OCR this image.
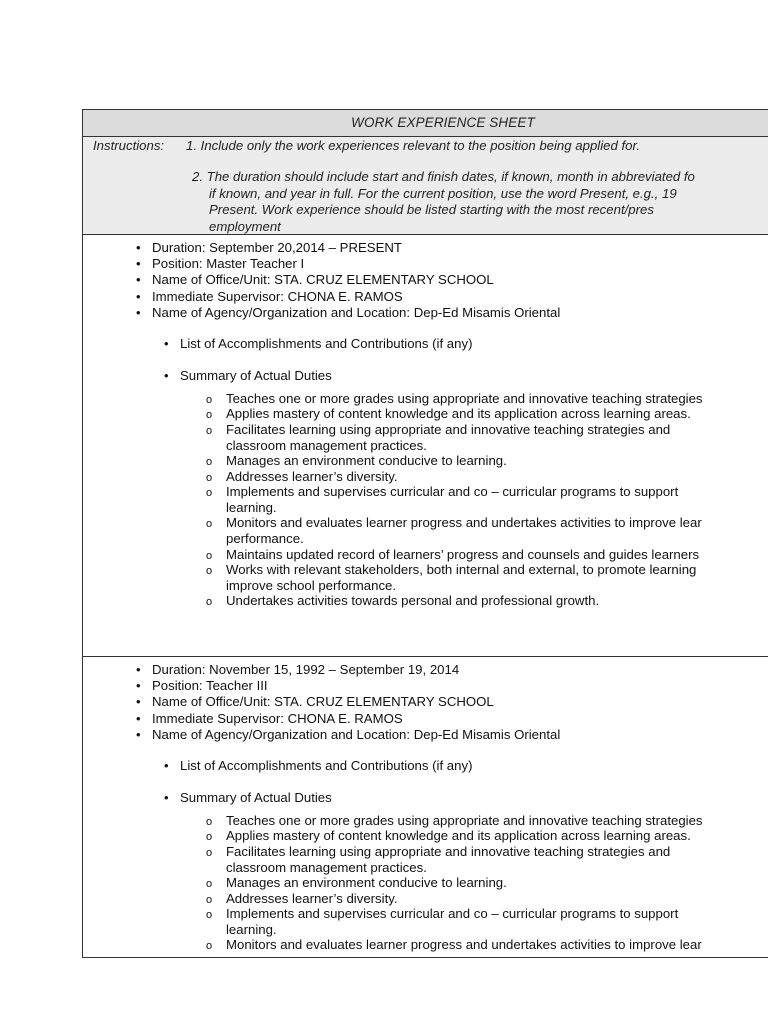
WORK EXPERIENCE SHEET
Instructions: 1. Include only the work experiences relevant to the position being applied for.
2. The duration should include start and finish dates, if known, month in abbreviated fo
if known, and year in full. For the current position, use the word Present, e.g., 19
Present. Work experience should be listed starting with the most recent/pres
employment
• Duration: September 20,2014 – PRESENT
• Position: Master Teacher I
• Name of Office/Unit: STA. CRUZ ELEMENTARY SCHOOL
• Immediate Supervisor: CHONA E. RAMOS
• Name of Agency/Organization and Location: Dep-Ed Misamis Oriental
• List of Accomplishments and Contributions (if any)
• Summary of Actual Duties
o Teaches one or more grades using appropriate and innovative teaching strategies
o Applies mastery of content knowledge and its application across learning areas.
o Facilitates learning using appropriate and innovative teaching strategies and
classroom management practices.
o Manages an environment conducive to learning.
o Addresses learner’s diversity.
o Implements and supervises curricular and co – curricular programs to support
learning.
o Monitors and evaluates learner progress and undertakes activities to improve lear
performance.
o Maintains updated record of learners’ progress and counsels and guides learners
o Works with relevant stakeholders, both internal and external, to promote learning
improve school performance.
o Undertakes activities towards personal and professional growth.
• Duration: November 15, 1992 – September 19, 2014
• Position: Teacher III
• Name of Office/Unit: STA. CRUZ ELEMENTARY SCHOOL
• Immediate Supervisor: CHONA E. RAMOS
• Name of Agency/Organization and Location: Dep-Ed Misamis Oriental
• List of Accomplishments and Contributions (if any)
• Summary of Actual Duties
o Teaches one or more grades using appropriate and innovative teaching strategies
o Applies mastery of content knowledge and its application across learning areas.
o Facilitates learning using appropriate and innovative teaching strategies and
classroom management practices.
o Manages an environment conducive to learning.
o Addresses learner’s diversity.
o Implements and supervises curricular and co – curricular programs to support
learning.
o Monitors and evaluates learner progress and undertakes activities to improve lear
